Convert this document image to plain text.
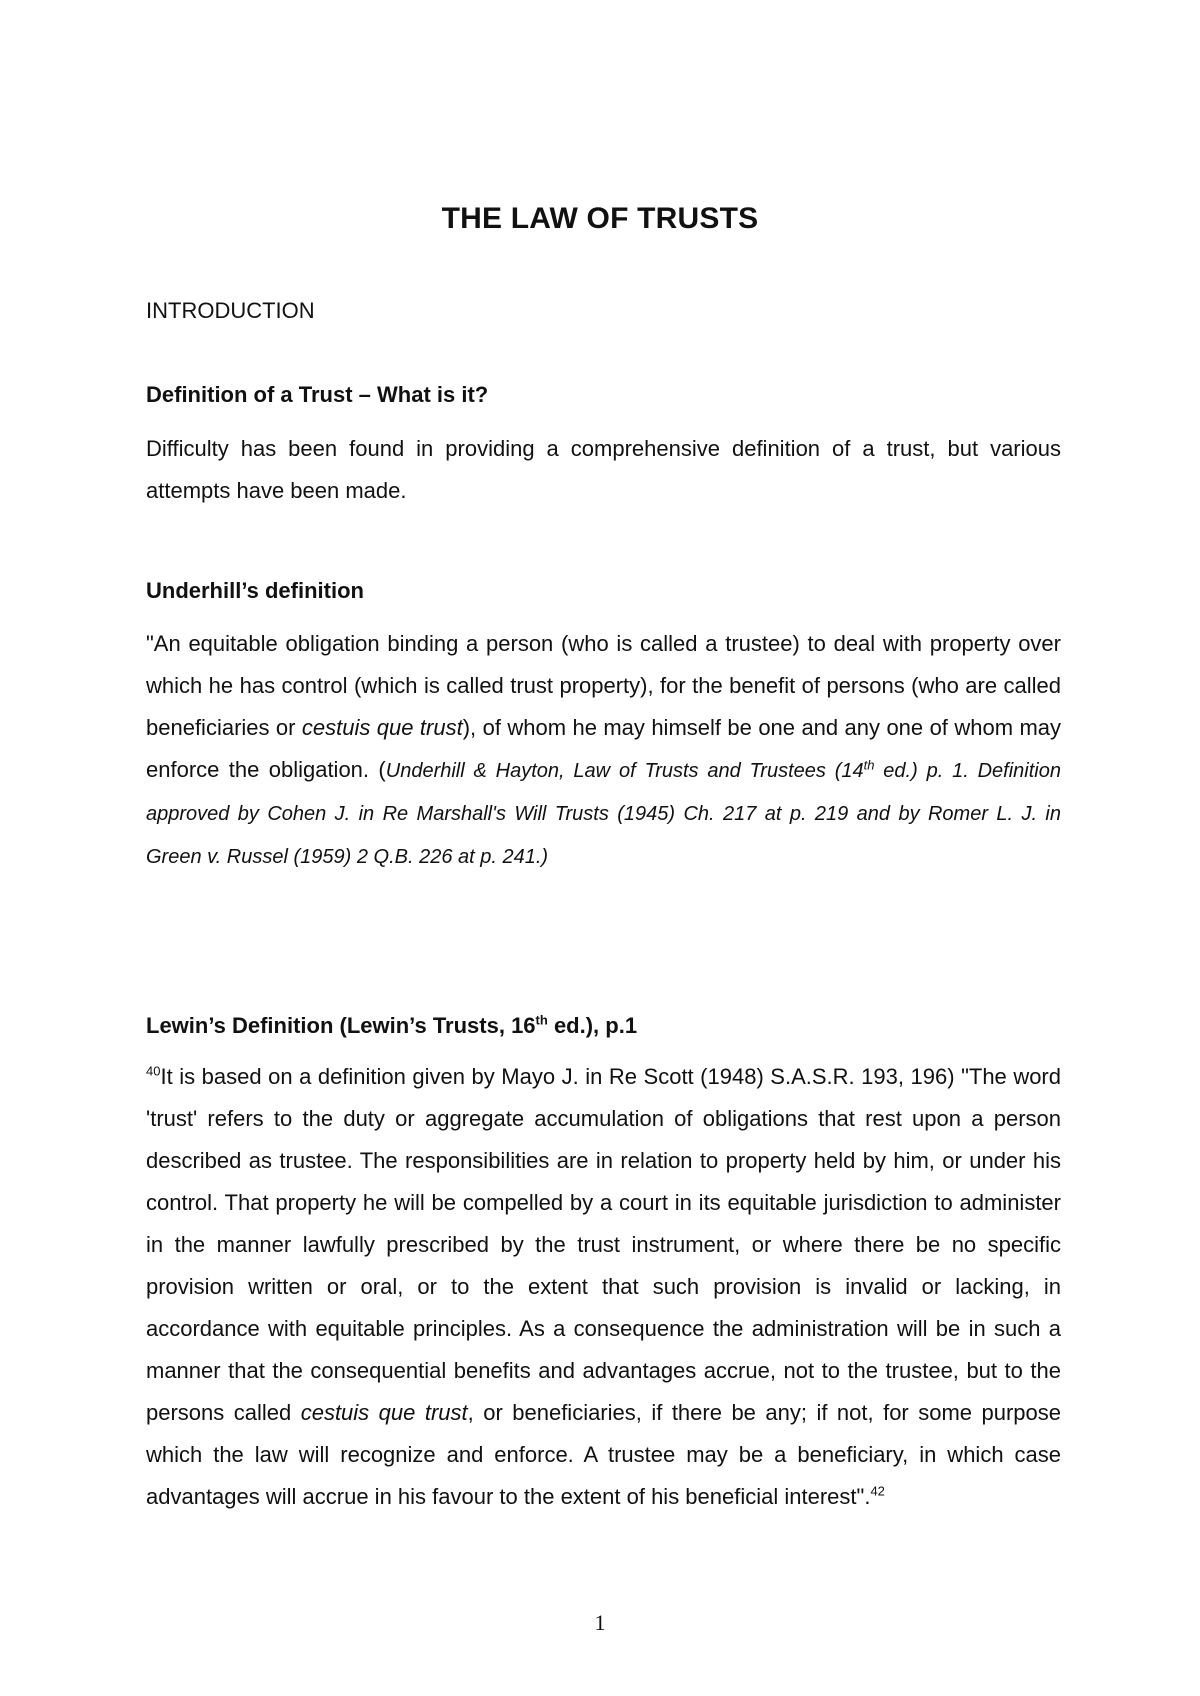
THE LAW OF TRUSTS
INTRODUCTION
Definition of a Trust – What is it?
Difficulty has been found in providing a comprehensive definition of a trust, but various attempts have been made.
Underhill’s definition
"An equitable obligation binding a person (who is called a trustee) to deal with property over which he has control (which is called trust property), for the benefit of persons (who are called beneficiaries or cestuis que trust), of whom he may himself be one and any one of whom may enforce the obligation. (Underhill & Hayton, Law of Trusts and Trustees (14th ed.) p. 1. Definition approved by Cohen J. in Re Marshall's Will Trusts (1945) Ch. 217 at p. 219 and by Romer L. J. in Green v. Russel (1959) 2 Q.B. 226 at p. 241.)
Lewin’s Definition (Lewin’s Trusts, 16th ed.), p.1
$^{40}$It is based on a definition given by Mayo J. in Re Scott (1948) S.A.S.R. 193, 196) "The word 'trust' refers to the duty or aggregate accumulation of obligations that rest upon a person described as trustee. The responsibilities are in relation to property held by him, or under his control. That property he will be compelled by a court in its equitable jurisdiction to administer in the manner lawfully prescribed by the trust instrument, or where there be no specific provision written or oral, or to the extent that such provision is invalid or lacking, in accordance with equitable principles. As a consequence the administration will be in such a manner that the consequential benefits and advantages accrue, not to the trustee, but to the persons called cestuis que trust, or beneficiaries, if there be any; if not, for some purpose which the law will recognize and enforce. A trustee may be a beneficiary, in which case advantages will accrue in his favour to the extent of his beneficial interest".$^{42}$
1
